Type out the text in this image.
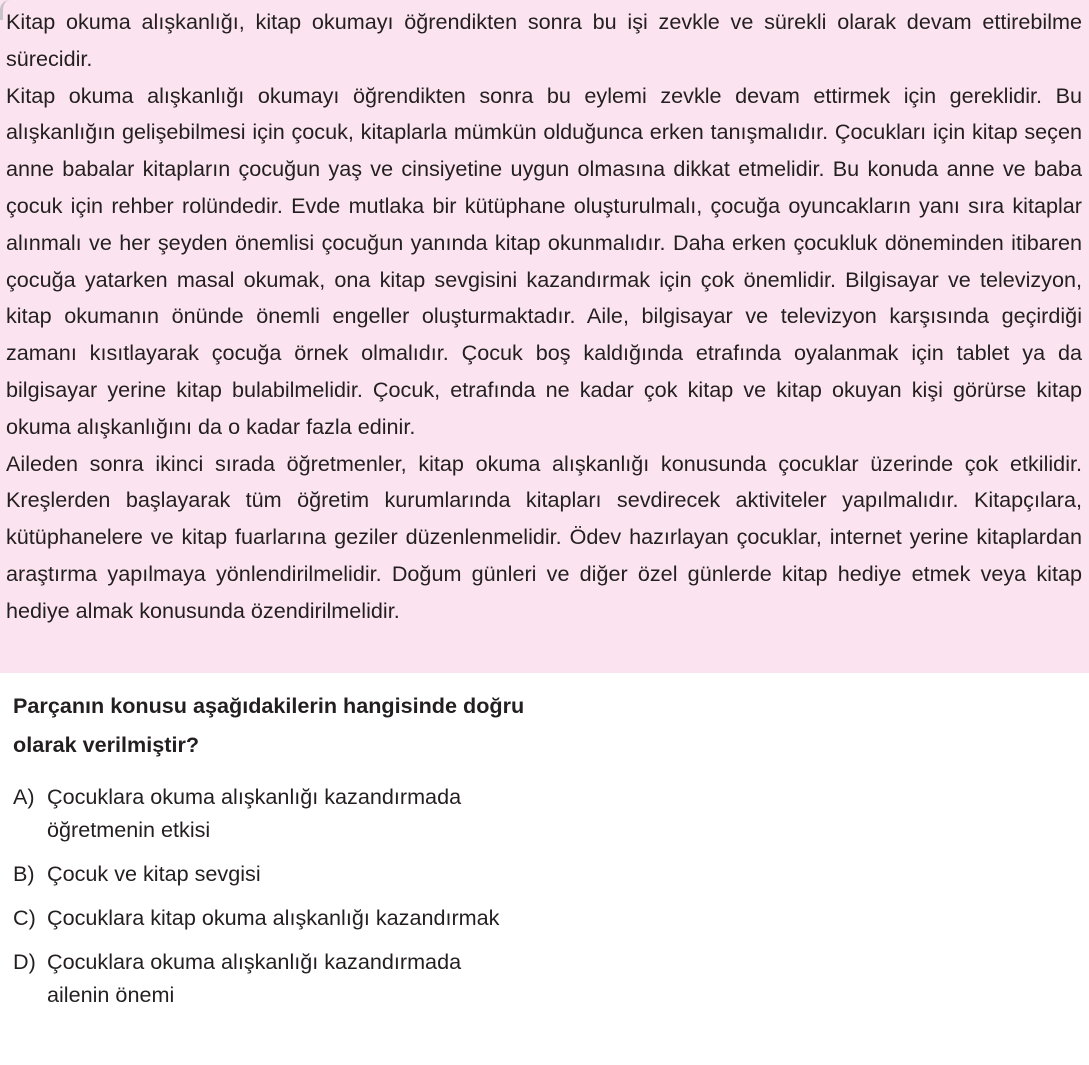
Kitap okuma alışkanlığı, kitap okumayı öğrendikten sonra bu işi zevkle ve sürekli olarak devam ettirebilme sürecidir.

Kitap okuma alışkanlığı okumayı öğrendikten sonra bu eylemi zevkle devam ettirmek için gereklidir. Bu alışkanlığın gelişebilmesi için çocuk, kitaplarla mümkün olduğunca erken tanışmalıdır. Çocukları için kitap seçen anne babalar kitapların çocuğun yaş ve cinsiyetine uygun olmasına dikkat etmelidir. Bu konuda anne ve baba çocuk için rehber rolündedir. Evde mutlaka bir kütüphane oluşturulmalı, çocuğa oyuncakların yanı sıra kitaplar alınmalı ve her şeyden önemlisi çocuğun yanında kitap okunmalıdır. Daha erken çocukluk döneminden itibaren çocuğa yatarken masal okumak, ona kitap sevgisini kazandırmak için çok önemlidir. Bilgisayar ve televizyon, kitap okumanın önünde önemli engeller oluşturmaktadır. Aile, bilgisayar ve televizyon karşısında geçirdiği zamanı kısıtlayarak çocuğa örnek olmalıdır. Çocuk boş kaldığında etrafında oyalanmak için tablet ya da bilgisayar yerine kitap bulabilmelidir. Çocuk, etrafında ne kadar çok kitap ve kitap okuyan kişi görürse kitap okuma alışkanlığını da o kadar fazla edinir.

Aileden sonra ikinci sırada öğretmenler, kitap okuma alışkanlığı konusunda çocuklar üzerinde çok etkilidir. Kreşlerden başlayarak tüm öğretim kurumlarında kitapları sevdirecek aktiviteler yapılmalıdır. Kitapçılara, kütüphanelere ve kitap fuarlarına geziler düzenlenmelidir. Ödev hazırlayan çocuklar, internet yerine kitaplardan araştırma yapılmaya yönlendirilmelidir. Doğum günleri ve diğer özel günlerde kitap hediye etmek veya kitap hediye almak konusunda özendirilmelidir.

Parçanın konusu aşağıdakilerin hangisinde doğru olarak verilmiştir?

A) Çocuklara okuma alışkanlığı kazandırmada öğretmenin etkisi
B) Çocuk ve kitap sevgisi
C) Çocuklara kitap okuma alışkanlığı kazandırmak
D) Çocuklara okuma alışkanlığı kazandırmada ailenin önemi
